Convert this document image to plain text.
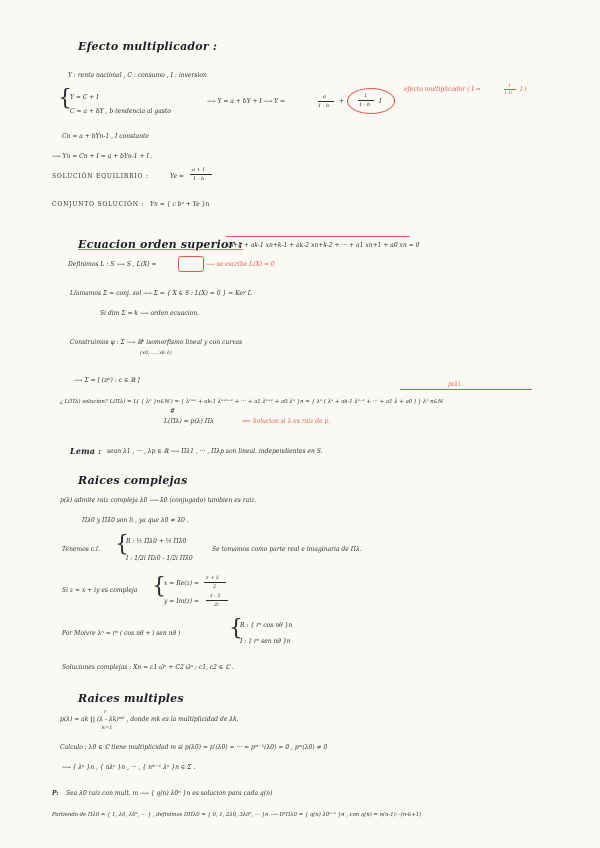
Efecto multiplicador :
Y : renta nacional , C : consumo , I : inversion
{
Y = C + I
C = a + bY , b tendencia al gasto
⟶ Y = a + bY + I ⟶ Y =
a
1 - b
+
1
1 - b I
efecto multiplicador ( I =	1
1-b I )
Cn = a + bYn-1 , I constante
⟶ Yn = Cn + I = a + bYn-1 + I .
SOLUCIÓN EQUILIBRIO :	Ye =
a + I
1 - b
CONJUNTO SOLUCIÓN : Yn = { c bⁿ + Ye }n
Ecuacion orden superior :
xn+k + ak-1 xn+k-1 + ak-2 xn+k-2 + ··· + a1 xn+1 + a0 xn = 0
Definimos L : S ⟶ S , L(X) =	⟶ se escribe L(X) = 0
Llamamos Σ = conj. sol ⟶ Σ = { X ∈ S : L(X) = 0 } = Ker L
Si dim Σ = k ⟶ orden ecuacion.
Construimos φ : Σ ⟶ ℝᵏ isomorfismo lineal y con curvas
(x0, ..., xk-1)
⟶ Σ = [ (πⁿ) : c ∈ ℝ ]
p(λ)
¿ L(Πλ) solucion? L(Πλ) = L( { λⁿ }n∈ℕ ) = { λⁿ⁺ᵏ + ak-1 λⁿ⁺ᵏ⁻¹ + ··· + a1 λⁿ⁺¹ + a0 λⁿ }n = { λⁿ ( λᵏ + ak-1 λᵏ⁻¹ + ··· + a1 λ + a0 ) } λⁿ n∈ℕ
#
L(Πλ) = p(λ) Πλ	⟹ Solucion si λ es raiz de p.
Lema : sean λ1 , ··· , λp ∈ ℝ ⟶ Πλ1 , ··· , Πλp son lineal. independientes en S.
Raices complejas
p(λ) admite raiz compleja λ0 ⟶ λ̄0 (conjugado) tambien es raiz.
Πλ0 y Πλ̄0 son li , ya que λ0 ≠ λ̄0 .
Tenemos c.l. {
R : ½ Πλ0 + ½ Πλ̄0
I : 1/2i Πλ0 - 1/2i Πλ̄0
Se tomamos como parte real e imaginaria de Πλ.
Si z = x + iy es compleja {
x = Re(z) =
z + z̄
2
y = Im(z) =
z - z̄
2i
Por Moivre λⁿ = rⁿ ( cos nθ + i sen nθ ) {
R : { rⁿ cos nθ }n
I : { rⁿ sen nθ }n
Soluciones complejas : Xn = c1 ω̄ⁿ + C2 ω̄ⁿ ; c1, c2 ∈ ℂ .
Raices multiples
r
p(λ) = ak ∏ (λ - λk)ᵐᵏ , donde mk es la multiplicidad de λk.
k=1
Calculo : λ0 ∈ ℂ tiene multiplicidad m si p(λ0) = p'(λ0) = ··· = pᵐ⁻¹(λ0) = 0 , pᵐ(λ0) ≠ 0
⟶ { λⁿ }n , { nλⁿ }n , ··· , { nᵐ⁻¹ λⁿ }n ∈ Σ .
P: Sea λ0 raiz con mult. m ⟶ { q(n) λ0ⁿ }n es solucion para cada q(n)
Partiendo de Πλ0 = { 1, λ0, λ0², ··· } , definimos DΠλ0 = { 0, 1, 2λ0, 3λ0², ··· }n ⟶ DᵏΠλ0 = { q(n) λ0ⁿ⁻ᵏ }n , con q(n) = n(n-1)···(n-k+1)
